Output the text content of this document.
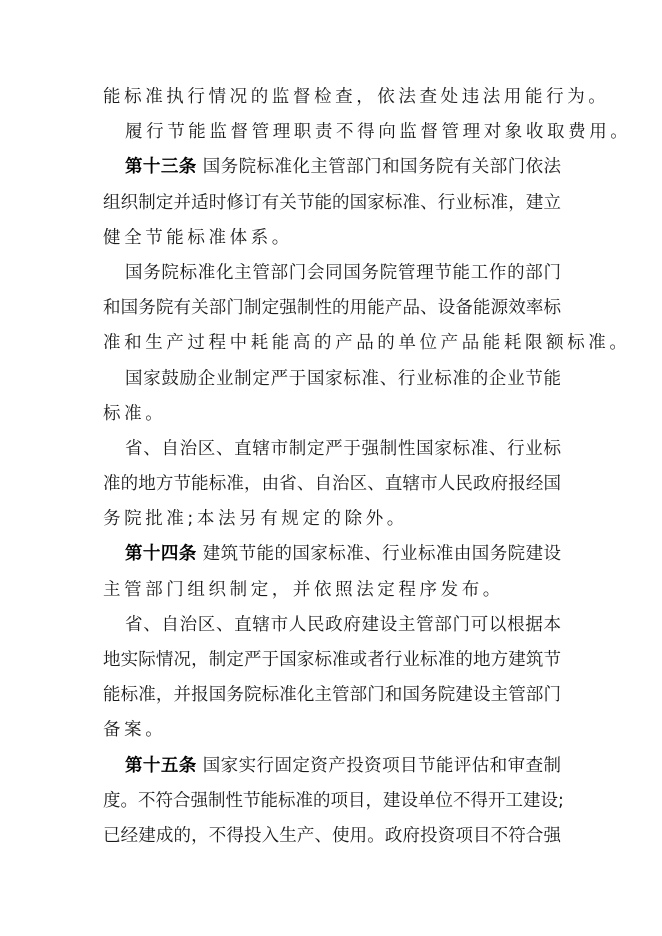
能标准执行情况的监督检查，依法查处违法用能行为。
履行节能监督管理职责不得向监督管理对象收取费用。
第十三条 国务院标准化主管部门和国务院有关部门依法
组织制定并适时修订有关节能的国家标准、行业标准，建立
健全节能标准体系。
国务院标准化主管部门会同国务院管理节能工作的部门
和国务院有关部门制定强制性的用能产品、设备能源效率标
准和生产过程中耗能高的产品的单位产品能耗限额标准。
国家鼓励企业制定严于国家标准、行业标准的企业节能
标准。
省、自治区、直辖市制定严于强制性国家标准、行业标
准的地方节能标准，由省、自治区、直辖市人民政府报经国
务院批准;本法另有规定的除外。
第十四条 建筑节能的国家标准、行业标准由国务院建设
主管部门组织制定，并依照法定程序发布。
省、自治区、直辖市人民政府建设主管部门可以根据本
地实际情况，制定严于国家标准或者行业标准的地方建筑节
能标准，并报国务院标准化主管部门和国务院建设主管部门
备案。
第十五条 国家实行固定资产投资项目节能评估和审查制
度。不符合强制性节能标准的项目，建设单位不得开工建设;
已经建成的，不得投入生产、使用。政府投资项目不符合强
